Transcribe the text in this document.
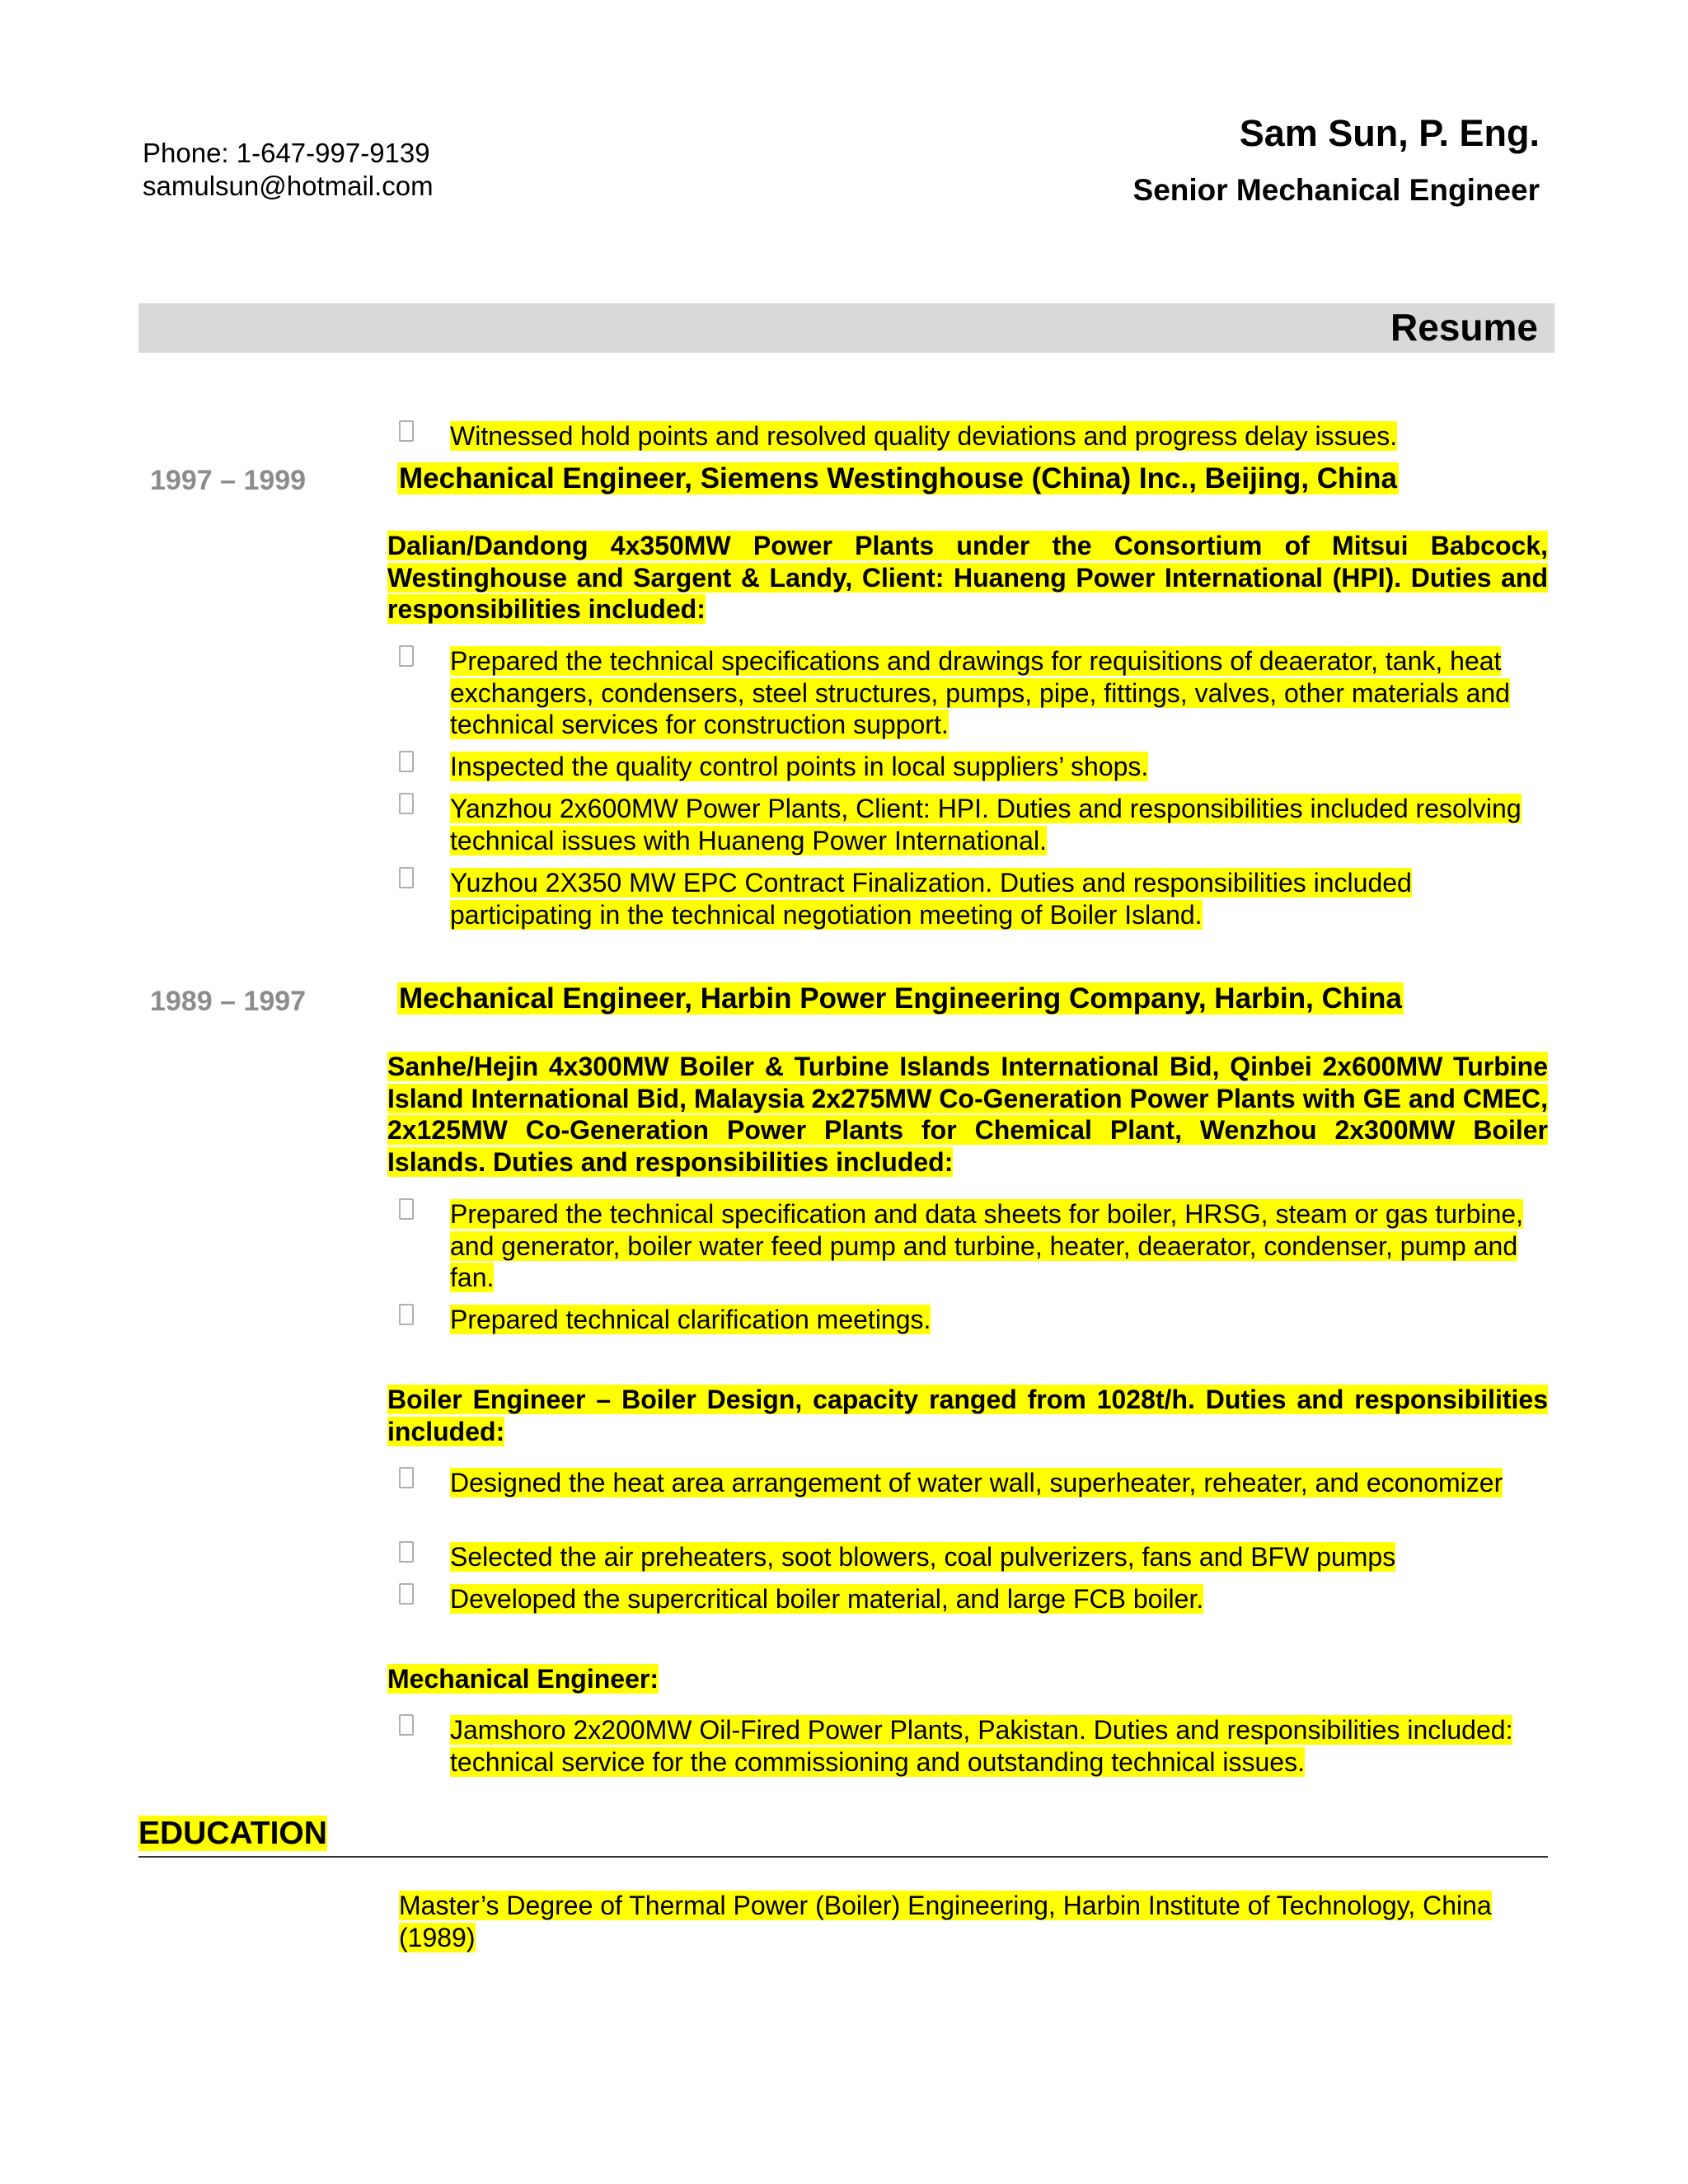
Phone: 1-647-997-9139
samulsun@hotmail.com
Sam Sun, P. Eng.
Senior Mechanical Engineer
Resume
Witnessed hold points and resolved quality deviations and progress delay issues.
1997 – 1999	Mechanical Engineer, Siemens Westinghouse (China) Inc., Beijing, China
Dalian/Dandong 4x350MW Power Plants under the Consortium of Mitsui Babcock, Westinghouse and Sargent & Landy, Client: Huaneng Power International (HPI). Duties and responsibilities included:
Prepared the technical specifications and drawings for requisitions of deaerator, tank, heat exchangers, condensers, steel structures, pumps, pipe, fittings, valves, other materials and technical services for construction support.
Inspected the quality control points in local suppliers’ shops.
Yanzhou 2x600MW Power Plants, Client: HPI. Duties and responsibilities included resolving technical issues with Huaneng Power International.
Yuzhou 2X350 MW EPC Contract Finalization. Duties and responsibilities included participating in the technical negotiation meeting of Boiler Island.
1989 – 1997	Mechanical Engineer, Harbin Power Engineering Company, Harbin, China
Sanhe/Hejin 4x300MW Boiler & Turbine Islands International Bid, Qinbei 2x600MW Turbine Island International Bid, Malaysia 2x275MW Co-Generation Power Plants with GE and CMEC, 2x125MW Co-Generation Power Plants for Chemical Plant, Wenzhou 2x300MW Boiler Islands. Duties and responsibilities included:
Prepared the technical specification and data sheets for boiler, HRSG, steam or gas turbine, and generator, boiler water feed pump and turbine, heater, deaerator, condenser, pump and fan.
Prepared technical clarification meetings.
Boiler Engineer – Boiler Design, capacity ranged from 1028t/h. Duties and responsibilities included:
Designed the heat area arrangement of water wall, superheater, reheater, and economizer
Selected the air preheaters, soot blowers, coal pulverizers, fans and BFW pumps
Developed the supercritical boiler material, and large FCB boiler.
Mechanical Engineer:
Jamshoro 2x200MW Oil-Fired Power Plants, Pakistan. Duties and responsibilities included: technical service for the commissioning and outstanding technical issues.
EDUCATION
Master’s Degree of Thermal Power (Boiler) Engineering, Harbin Institute of Technology, China (1989)
